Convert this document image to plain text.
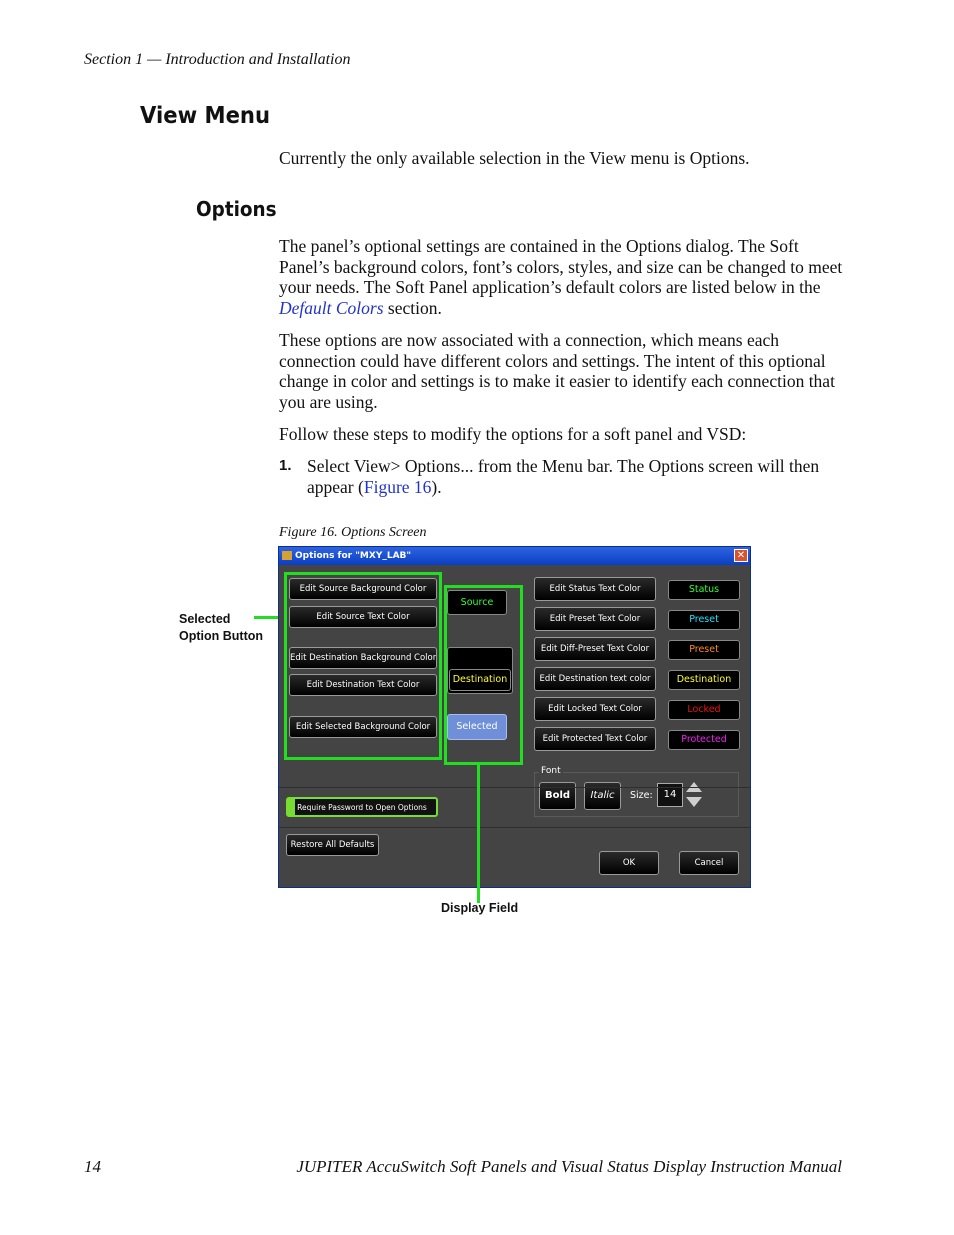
Section 1 — Introduction and Installation
View Menu
Currently the only available selection in the View menu is Options.
Options
The panel’s optional settings are contained in the Options dialog. The Soft Panel’s background colors, font’s colors, styles, and size can be changed to meet your needs. The Soft Panel application’s default colors are listed below in the Default Colors section.
These options are now associated with a connection, which means each connection could have different colors and settings. The intent of this optional change in color and settings is to make it easier to identify each connection that you are using.
Follow these steps to modify the options for a soft panel and VSD:
1. Select View> Options... from the Menu bar. The Options screen will then appear (Figure 16).
Figure 16. Options Screen
Selected
Option Button
Options for "MXY_LAB"	✕
Edit Source Background Color
Edit Source Text Color
Edit Destination Background Color
Edit Destination Text Color
Edit Selected Background Color
Source
Destination
Selected
Edit Status Text Color
Edit Preset Text Color
Edit Diff-Preset Text Color
Edit Destination text color
Edit Locked Text Color
Edit Protected Text Color
Status
Preset
Preset
Destination
Locked
Protected
Font
Bold	Italic	Size:	14
Require Password to Open Options
Restore All Defaults
OK	Cancel
Display Field
14	JUPITER AccuSwitch Soft Panels and Visual Status Display Instruction Manual
